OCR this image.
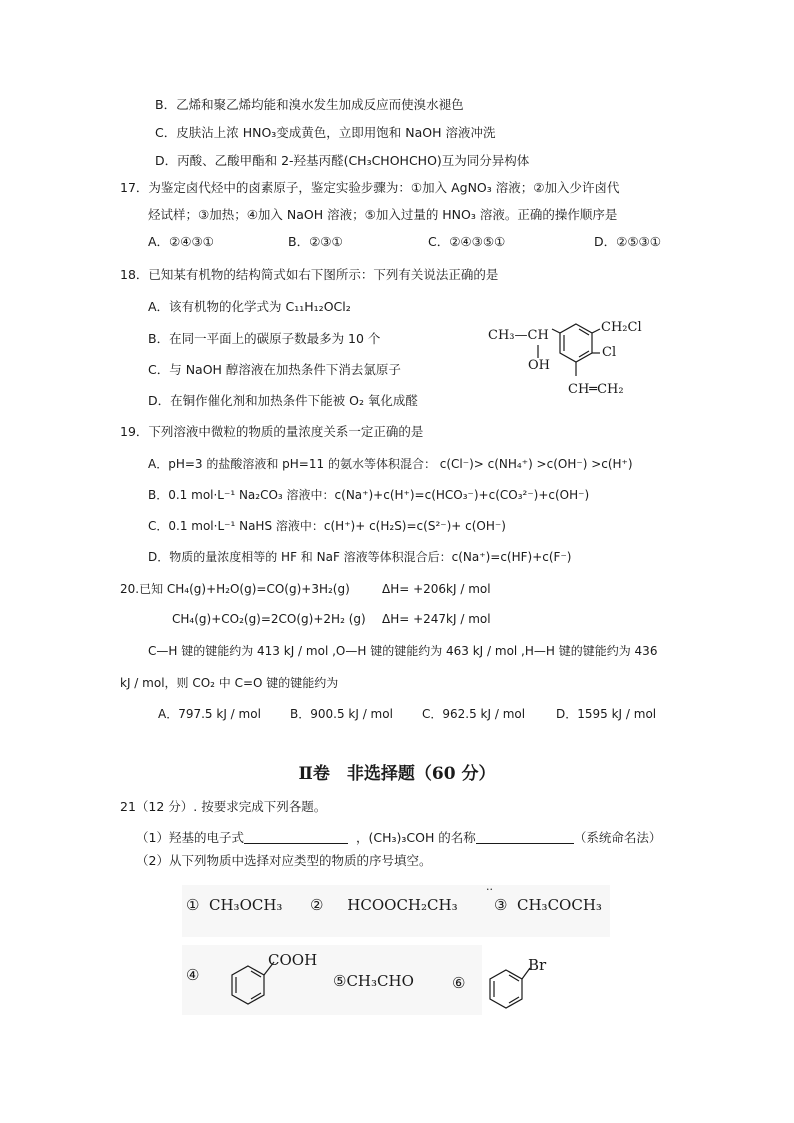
B．乙烯和聚乙烯均能和溴水发生加成反应而使溴水褪色
C．皮肤沾上浓 HNO₃变成黄色，立即用饱和 NaOH 溶液冲洗
D．丙酸、乙酸甲酯和 2-羟基丙醛(CH₃CHOHCHO)互为同分异构体
17．为鉴定卤代烃中的卤素原子，鉴定实验步骤为：①加入 AgNO₃ 溶液；②加入少许卤代
烃试样；③加热；④加入 NaOH 溶液；⑤加入过量的 HNO₃ 溶液。正确的操作顺序是
A．②④③①	B．②③①	C．②④③⑤①	D．②⑤③①
18．已知某有机物的结构简式如右下图所示：下列有关说法正确的是
A．该有机物的化学式为 C₁₁H₁₂OCl₂
B．在同一平面上的碳原子数最多为 10 个
C．与 NaOH 醇溶液在加热条件下消去氯原子
D．在铜作催化剂和加热条件下能被 O₂ 氧化成醛
CH₃—CH
OH
CH₂Cl
Cl
CH═CH₂
19．下列溶液中微粒的物质的量浓度关系一定正确的是
A．pH=3 的盐酸溶液和 pH=11 的氨水等体积混合： c(Cl⁻)> c(NH₄⁺) >c(OH⁻) >c(H⁺)
B．0.1 mol·L⁻¹ Na₂CO₃ 溶液中：c(Na⁺)+c(H⁺)=c(HCO₃⁻)+c(CO₃²⁻)+c(OH⁻)
C．0.1 mol·L⁻¹ NaHS 溶液中：c(H⁺)+ c(H₂S)=c(S²⁻)+ c(OH⁻)
D．物质的量浓度相等的 HF 和 NaF 溶液等体积混合后：c(Na⁺)=c(HF)+c(F⁻)
20.已知 CH₄(g)+H₂O(g)=CO(g)+3H₂(g)	ΔH= +206kJ / mol
CH₄(g)+CO₂(g)=2CO(g)+2H₂ (g) ΔH= +247kJ / mol
C—H 键的键能约为 413 kJ / mol ,O—H 键的键能约为 463 kJ / mol ,H—H 键的键能约为 436
kJ / mol，则 CO₂ 中 C=O 键的键能约为
A．797.5 kJ / mol B．900.5 kJ / mol C．962.5 kJ / mol	D．1595 kJ / mol
Ⅱ卷　非选择题（60 分）
21（12 分）. 按要求完成下列各题。
（1）羟基的电子式	，(CH₃)₃COH 的名称	（系统命名法）
（2）从下列物质中选择对应类型的物质的序号填空。
① CH₃OCH₃ ② HCOOCH₂CH₃
··
③ CH₃COCH₃
④
COOH
⑤CH₃CHO	⑥
Br
